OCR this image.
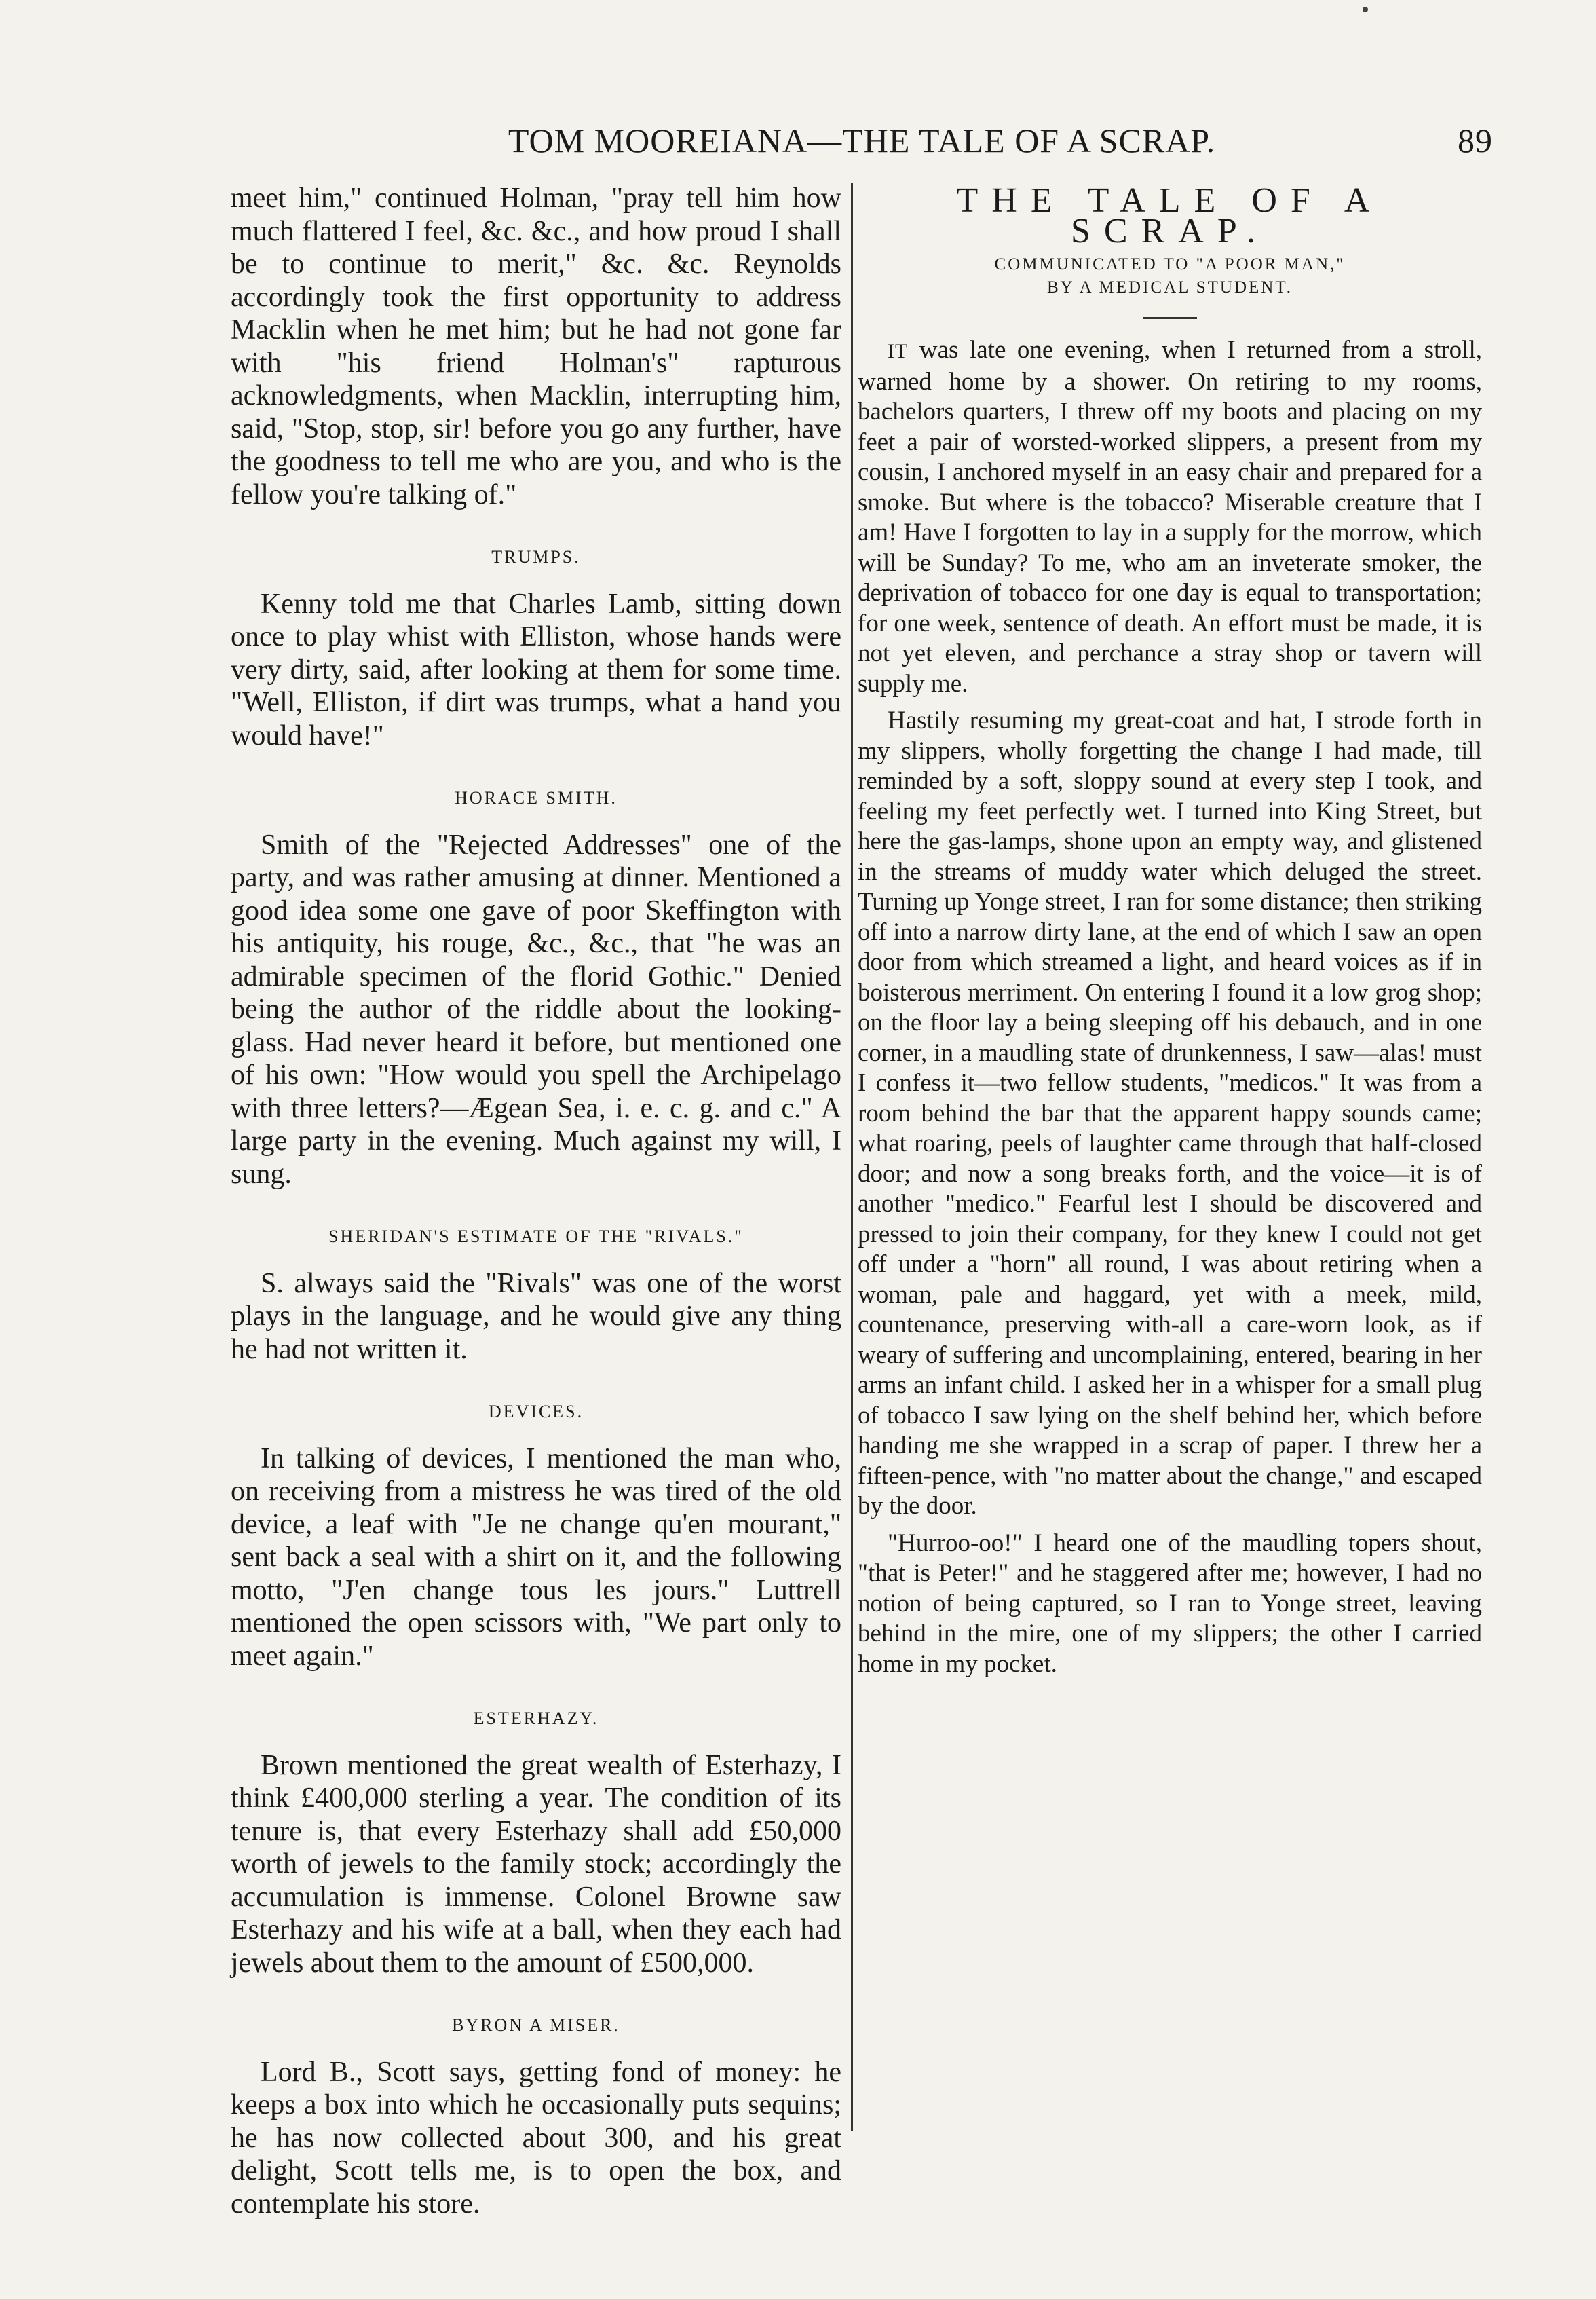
TOM MOOREIANA—THE TALE OF A SCRAP.	89

meet him," continued Holman, "pray tell him how much flattered I feel, &c. &c., and how proud I shall be to continue to merit," &c. &c. Reynolds accordingly took the first opportunity to address Macklin when he met him; but he had not gone far with "his friend Holman's" rapturous acknowledgments, when Macklin, interrupting him, said, "Stop, stop, sir! before you go any further, have the goodness to tell me who are you, and who is the fellow you're talking of."

TRUMPS.

Kenny told me that Charles Lamb, sitting down once to play whist with Elliston, whose hands were very dirty, said, after looking at them for some time. "Well, Elliston, if dirt was trumps, what a hand you would have!"

HORACE SMITH.

Smith of the "Rejected Addresses" one of the party, and was rather amusing at dinner. Mentioned a good idea some one gave of poor Skeffington with his antiquity, his rouge, &c., &c., that "he was an admirable specimen of the florid Gothic." Denied being the author of the riddle about the looking-glass. Had never heard it before, but mentioned one of his own: "How would you spell the Archipelago with three letters?—Ægean Sea, i. e. c. g. and c." A large party in the evening. Much against my will, I sung.

SHERIDAN'S ESTIMATE OF THE "RIVALS."

S. always said the "Rivals" was one of the worst plays in the language, and he would give any thing he had not written it.

DEVICES.

In talking of devices, I mentioned the man who, on receiving from a mistress he was tired of the old device, a leaf with "Je ne change qu'en mourant," sent back a seal with a shirt on it, and the following motto, "J'en change tous les jours." Luttrell mentioned the open scissors with, "We part only to meet again."

ESTERHAZY.

Brown mentioned the great wealth of Esterhazy, I think £400,000 sterling a year. The condition of its tenure is, that every Esterhazy shall add £50,000 worth of jewels to the family stock; accordingly the accumulation is immense. Colonel Browne saw Esterhazy and his wife at a ball, when they each had jewels about them to the amount of £500,000.

BYRON A MISER.

Lord B., Scott says, getting fond of money: he keeps a box into which he occasionally puts sequins; he has now collected about 300, and his great delight, Scott tells me, is to open the box, and contemplate his store.

THE TALE OF A SCRAP.
COMMUNICATED TO "A POOR MAN,"
BY A MEDICAL STUDENT.

IT was late one evening, when I returned from a stroll, warned home by a shower. On retiring to my rooms, bachelors quarters, I threw off my boots and placing on my feet a pair of worsted-worked slippers, a present from my cousin, I anchored myself in an easy chair and prepared for a smoke. But where is the tobacco? Miserable creature that I am! Have I forgotten to lay in a supply for the morrow, which will be Sunday? To me, who am an inveterate smoker, the deprivation of tobacco for one day is equal to transportation; for one week, sentence of death. An effort must be made, it is not yet eleven, and perchance a stray shop or tavern will supply me.

Hastily resuming my great-coat and hat, I strode forth in my slippers, wholly forgetting the change I had made, till reminded by a soft, sloppy sound at every step I took, and feeling my feet perfectly wet. I turned into King Street, but here the gas-lamps, shone upon an empty way, and glistened in the streams of muddy water which deluged the street. Turning up Yonge street, I ran for some distance; then striking off into a narrow dirty lane, at the end of which I saw an open door from which streamed a light, and heard voices as if in boisterous merriment. On entering I found it a low grog shop; on the floor lay a being sleeping off his debauch, and in one corner, in a maudling state of drunkenness, I saw—alas! must I confess it—two fellow students, "medicos." It was from a room behind the bar that the apparent happy sounds came; what roaring, peels of laughter came through that half-closed door; and now a song breaks forth, and the voice—it is of another "medico." Fearful lest I should be discovered and pressed to join their company, for they knew I could not get off under a "horn" all round, I was about retiring when a woman, pale and haggard, yet with a meek, mild, countenance, preserving with-all a care-worn look, as if weary of suffering and uncomplaining, entered, bearing in her arms an infant child. I asked her in a whisper for a small plug of tobacco I saw lying on the shelf behind her, which before handing me she wrapped in a scrap of paper. I threw her a fifteen-pence, with "no matter about the change," and escaped by the door.

"Hurroo-oo!" I heard one of the maudling topers shout, "that is Peter!" and he staggered after me; however, I had no notion of being captured, so I ran to Yonge street, leaving behind in the mire, one of my slippers; the other I carried home in my pocket.
